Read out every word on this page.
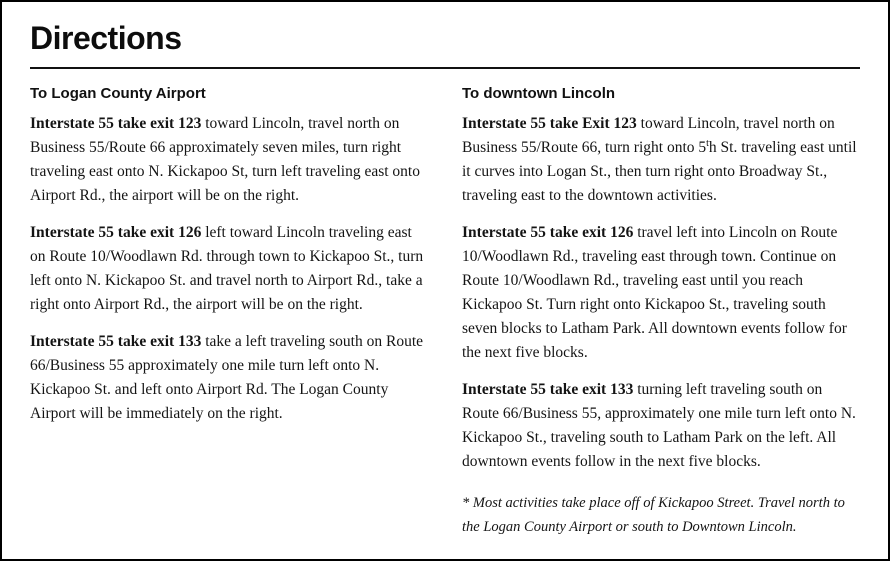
Directions
To Logan County Airport

Interstate 55 take exit 123 toward Lincoln, travel north on Business 55/Route 66 approximately seven miles, turn right traveling east onto N. Kickapoo St, turn left traveling east onto Airport Rd., the airport will be on the right.

Interstate 55 take exit 126 left toward Lincoln traveling east on Route 10/Woodlawn Rd. through town to Kickapoo St., turn left onto N. Kickapoo St. and travel north to Airport Rd., take a right onto Airport Rd., the airport will be on the right.

Interstate 55 take exit 133 take a left traveling south on Route 66/Business 55 approximately one mile turn left onto N. Kickapoo St. and left onto Airport Rd. The Logan County Airport will be immediately on the right.

To downtown Lincoln

Interstate 55 take Exit 123 toward Lincoln, travel north on Business 55/Route 66, turn right onto 5$^t$h St. traveling east until it curves into Logan St., then turn right onto Broadway St., traveling east to the downtown activities.

Interstate 55 take exit 126 travel left into Lincoln on Route 10/Woodlawn Rd., traveling east through town. Continue on Route 10/Woodlawn Rd., traveling east until you reach Kickapoo St. Turn right onto Kickapoo St., traveling south seven blocks to Latham Park. All downtown events follow for the next five blocks.

Interstate 55 take exit 133 turning left traveling south on Route 66/Business 55, approximately one mile turn left onto N. Kickapoo St., traveling south to Latham Park on the left. All downtown events follow in the next five blocks.

* Most activities take place off of Kickapoo Street. Travel north to the Logan County Airport or south to Downtown Lincoln.
